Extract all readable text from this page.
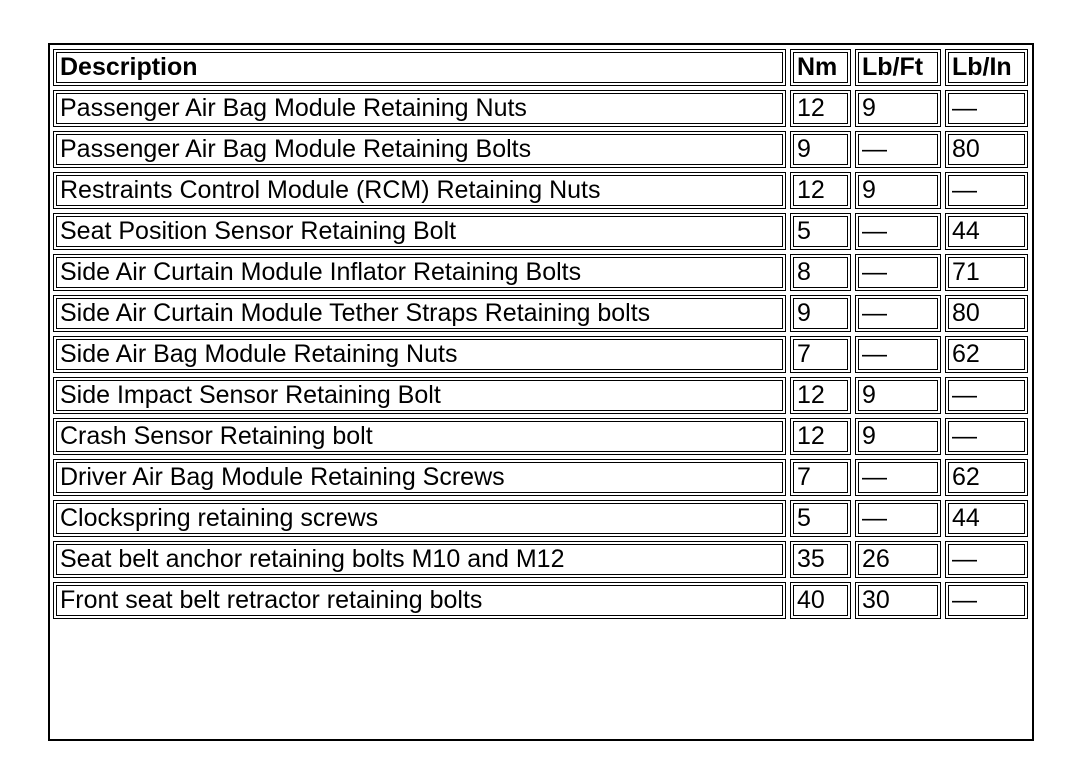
Description	Nm	Lb/Ft	Lb/In
Passenger Air Bag Module Retaining Nuts	12	9	—
Passenger Air Bag Module Retaining Bolts	9	—	80
Restraints Control Module (RCM) Retaining Nuts	12	9	—
Seat Position Sensor Retaining Bolt	5	—	44
Side Air Curtain Module Inflator Retaining Bolts	8	—	71
Side Air Curtain Module Tether Straps Retaining bolts	9	—	80
Side Air Bag Module Retaining Nuts	7	—	62
Side Impact Sensor Retaining Bolt	12	9	—
Crash Sensor Retaining bolt	12	9	—
Driver Air Bag Module Retaining Screws	7	—	62
Clockspring retaining screws	5	—	44
Seat belt anchor retaining bolts M10 and M12	35	26	—
Front seat belt retractor retaining bolts	40	30	—
